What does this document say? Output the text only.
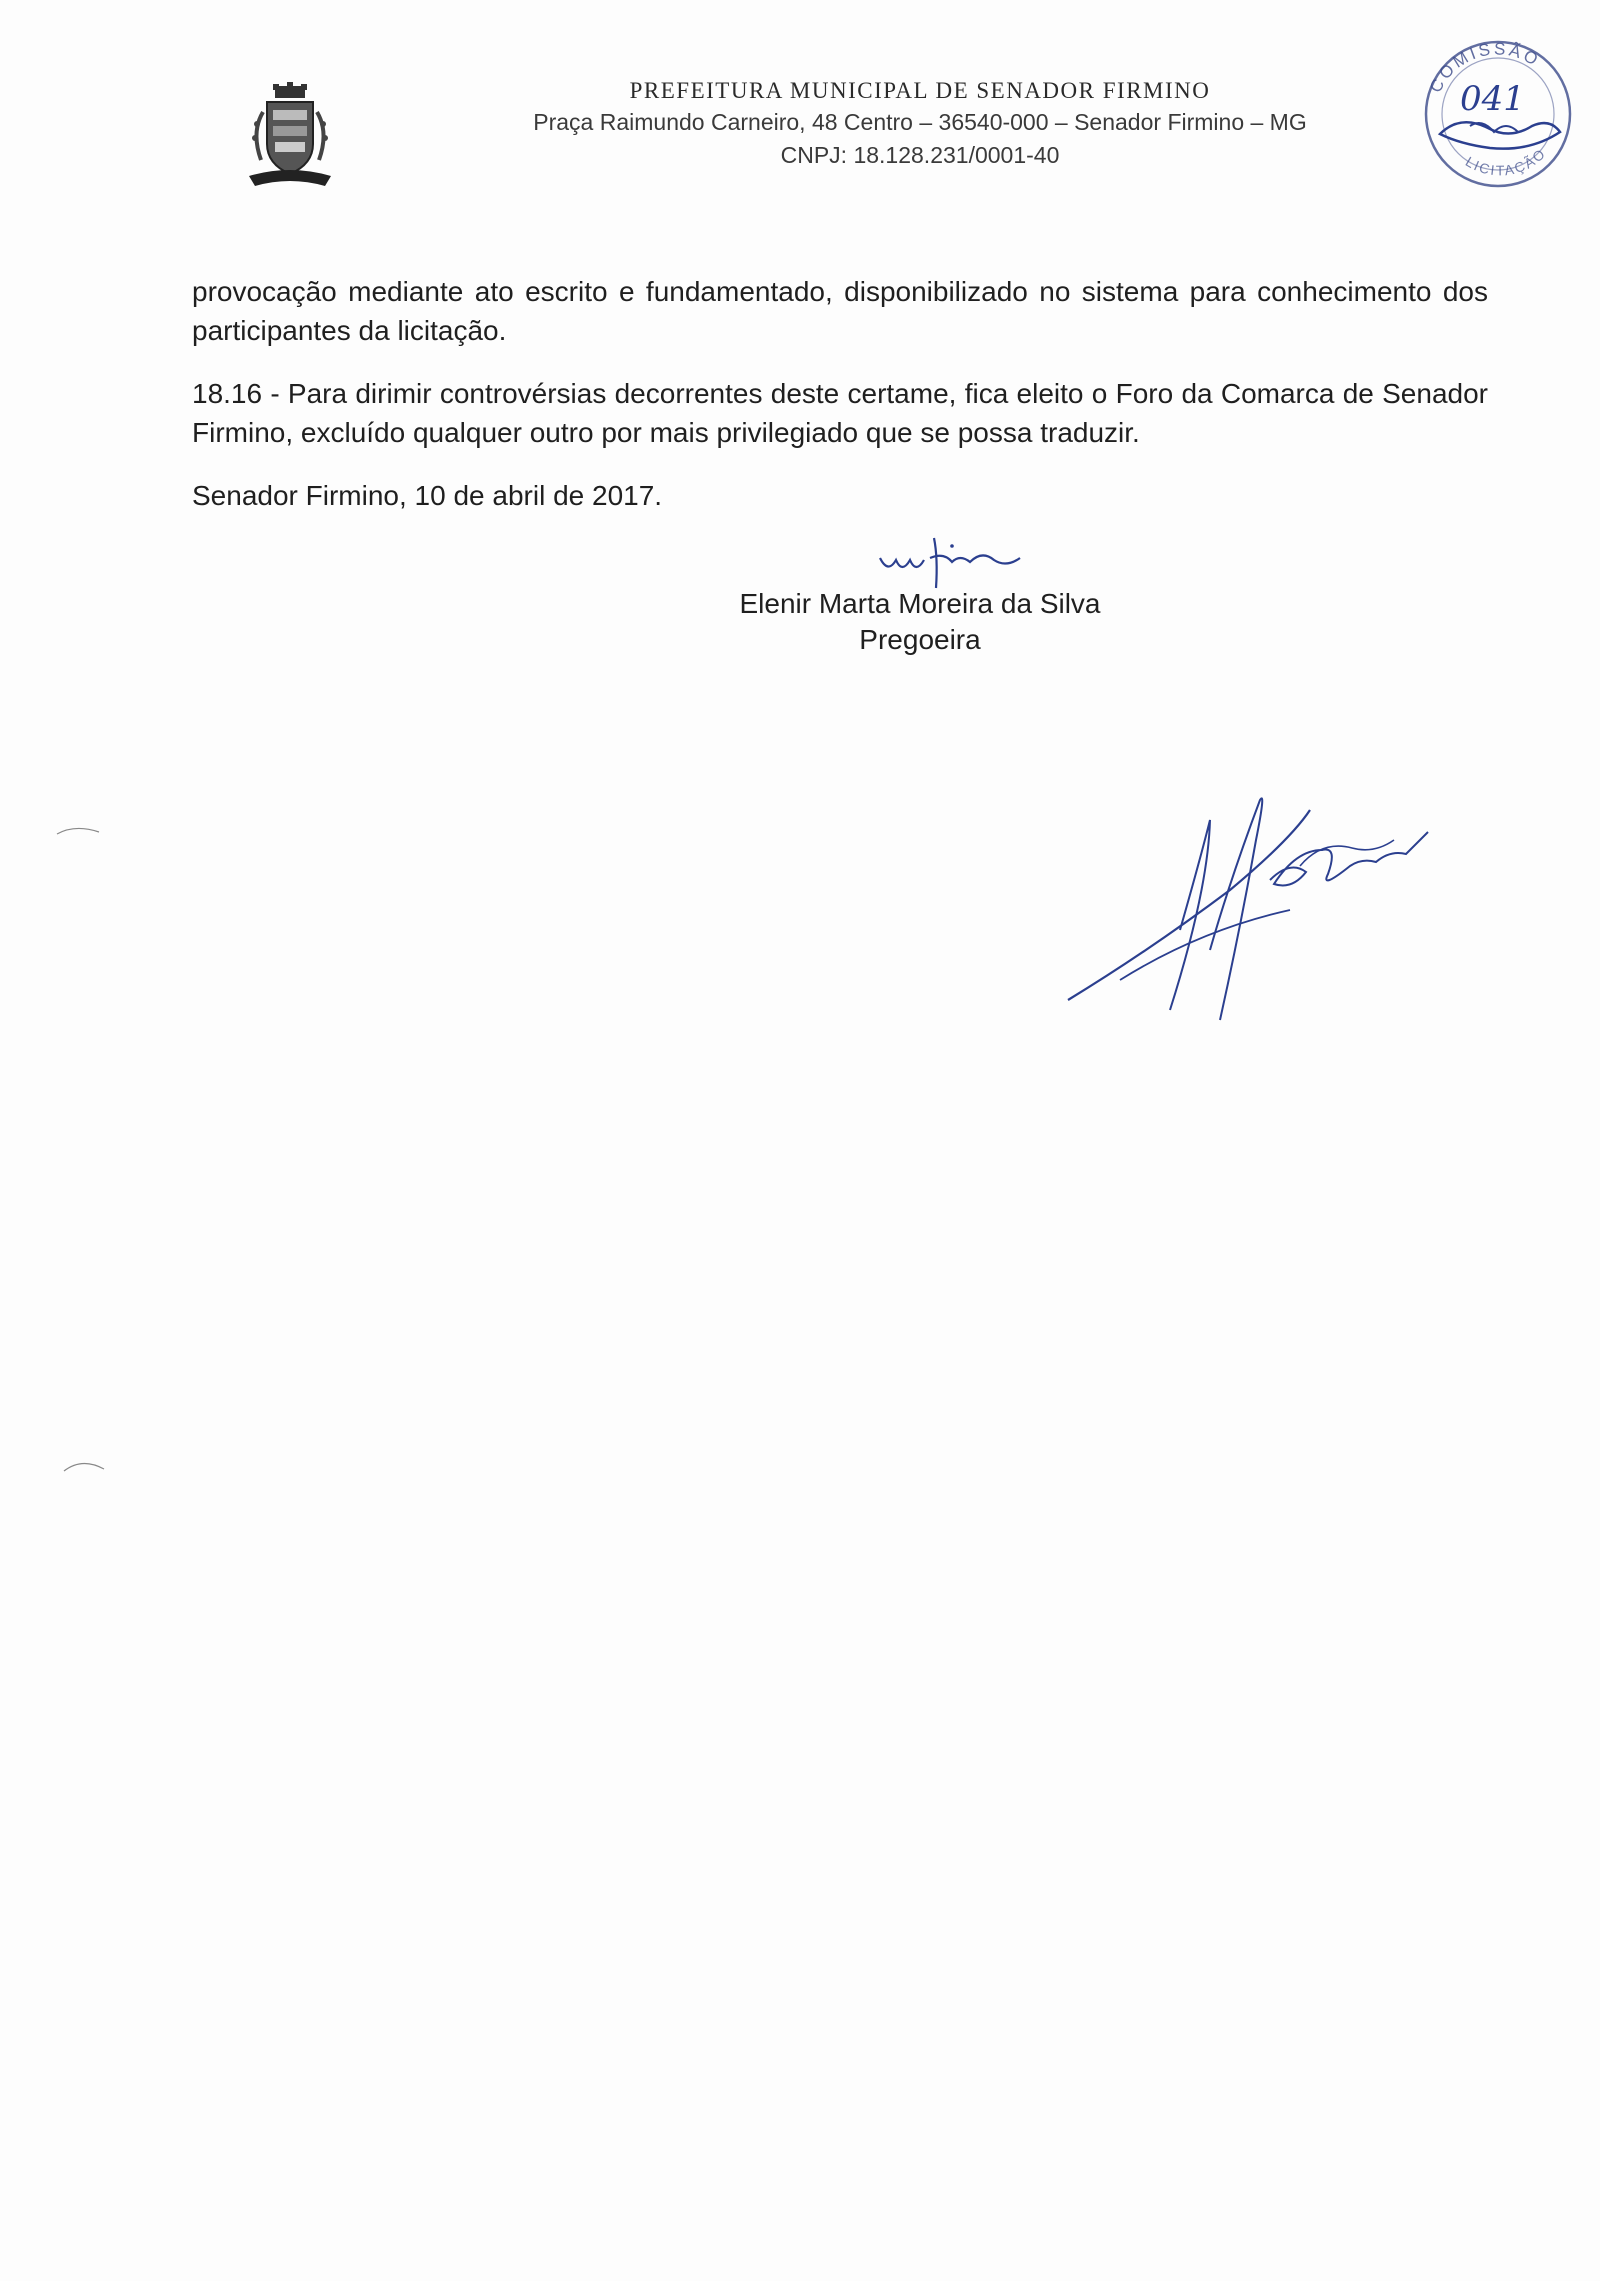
PREFEITURA MUNICIPAL DE SENADOR FIRMINO
Praça Raimundo Carneiro, 48 Centro – 36540-000 – Senador Firmino – MG
CNPJ: 18.128.231/0001-40
COMISSÃO
LICITAÇÃO
041

provocação mediante ato escrito e fundamentado, disponibilizado no sistema para conhecimento dos participantes da licitação.

18.16 - Para dirimir controvérsias decorrentes deste certame, fica eleito o Foro da Comarca de Senador Firmino, excluído qualquer outro por mais privilegiado que se possa traduzir.

Senador Firmino, 10 de abril de 2017.

Elenir Marta Moreira da Silva
Pregoeira
